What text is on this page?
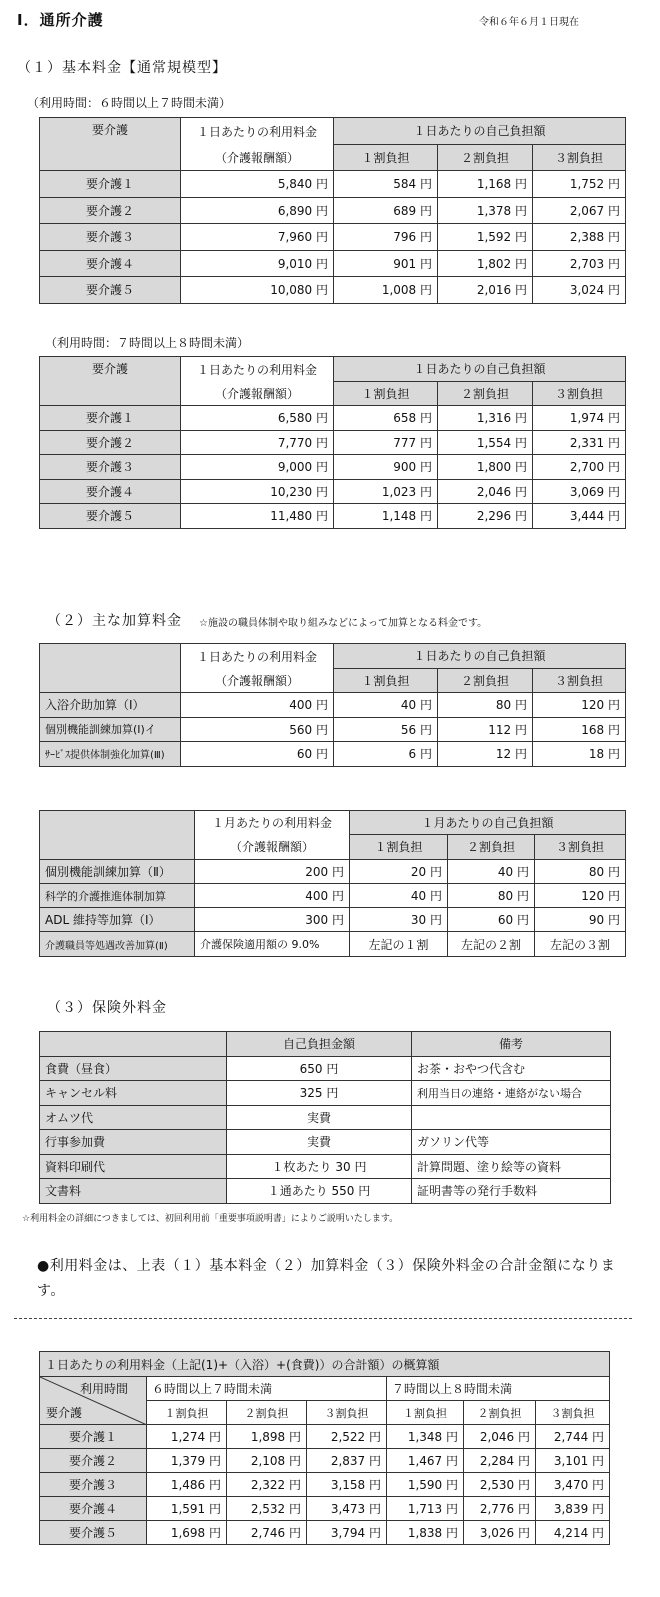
Ⅰ．通所介護	令和６年６月１日現在
（１）基本料金【通常規模型】
（利用時間：６時間以上７時間未満）
要介護	１日あたりの利用料金	１日あたりの自己負担額		
	（介護報酬額）	１割負担	２割負担	３割負担
要介護１	5,840 円	584 円	1,168 円	1,752 円
要介護２	6,890 円	689 円	1,378 円	2,067 円
要介護３	7,960 円	796 円	1,592 円	2,388 円
要介護４	9,010 円	901 円	1,802 円	2,703 円
要介護５	10,080 円	1,008 円	2,016 円	3,024 円
（利用時間：７時間以上８時間未満）
要介護	１日あたりの利用料金	１日あたりの自己負担額		
	（介護報酬額）	１割負担	２割負担	３割負担
要介護１	6,580 円	658 円	1,316 円	1,974 円
要介護２	7,770 円	777 円	1,554 円	2,331 円
要介護３	9,000 円	900 円	1,800 円	2,700 円
要介護４	10,230 円	1,023 円	2,046 円	3,069 円
要介護５	11,480 円	1,148 円	2,296 円	3,444 円
（２）主な加算料金 ☆施設の職員体制や取り組みなどによって加算となる料金です。
	１日あたりの利用料金	１日あたりの自己負担額		
	（介護報酬額）	１割負担	２割負担	３割負担
入浴介助加算（Ⅰ）	400 円	40 円	80 円	120 円
個別機能訓練加算(Ⅰ)イ	560 円	56 円	112 円	168 円
ｻｰﾋﾞｽ提供体制強化加算(Ⅲ)	60 円	6 円	12 円	18 円
	１月あたりの利用料金	１月あたりの自己負担額		
	（介護報酬額）	１割負担	２割負担	３割負担
個別機能訓練加算（Ⅱ）	200 円	20 円	40 円	80 円
科学的介護推進体制加算	400 円	40 円	80 円	120 円
ADL 維持等加算（Ⅰ）	300 円	30 円	60 円	90 円
介護職員等処遇改善加算(Ⅱ)	介護保険適用額の 9.0%	左記の１割	左記の２割	左記の３割
（３）保険外料金
	自己負担金額	備考
食費（昼食）	650 円	お茶・おやつ代含む
キャンセル料	325 円	利用当日の連絡・連絡がない場合
オムツ代	実費	
行事参加費	実費	ガソリン代等
資料印刷代	１枚あたり 30 円	計算問題、塗り絵等の資料
文書料	１通あたり 550 円	証明書等の発行手数料
☆利用料金の詳細につきましては、初回利用前「重要事項説明書」によりご説明いたします。
●利用料金は、上表（１）基本料金（２）加算料金（３）保険外料金の合計金額になります。
１日あたりの利用料金（上記(1)+（入浴）+(食費)）の合計額）の概算額						

利用時間
要介護	６時間以上７時間未満			７時間以上８時間未満		
	１割負担	２割負担	３割負担	１割負担	２割負担	３割負担
要介護１	1,274 円	1,898 円	2,522 円	1,348 円	2,046 円	2,744 円
要介護２	1,379 円	2,108 円	2,837 円	1,467 円	2,284 円	3,101 円
要介護３	1,486 円	2,322 円	3,158 円	1,590 円	2,530 円	3,470 円
要介護４	1,591 円	2,532 円	3,473 円	1,713 円	2,776 円	3,839 円
要介護５	1,698 円	2,746 円	3,794 円	1,838 円	3,026 円	4,214 円
